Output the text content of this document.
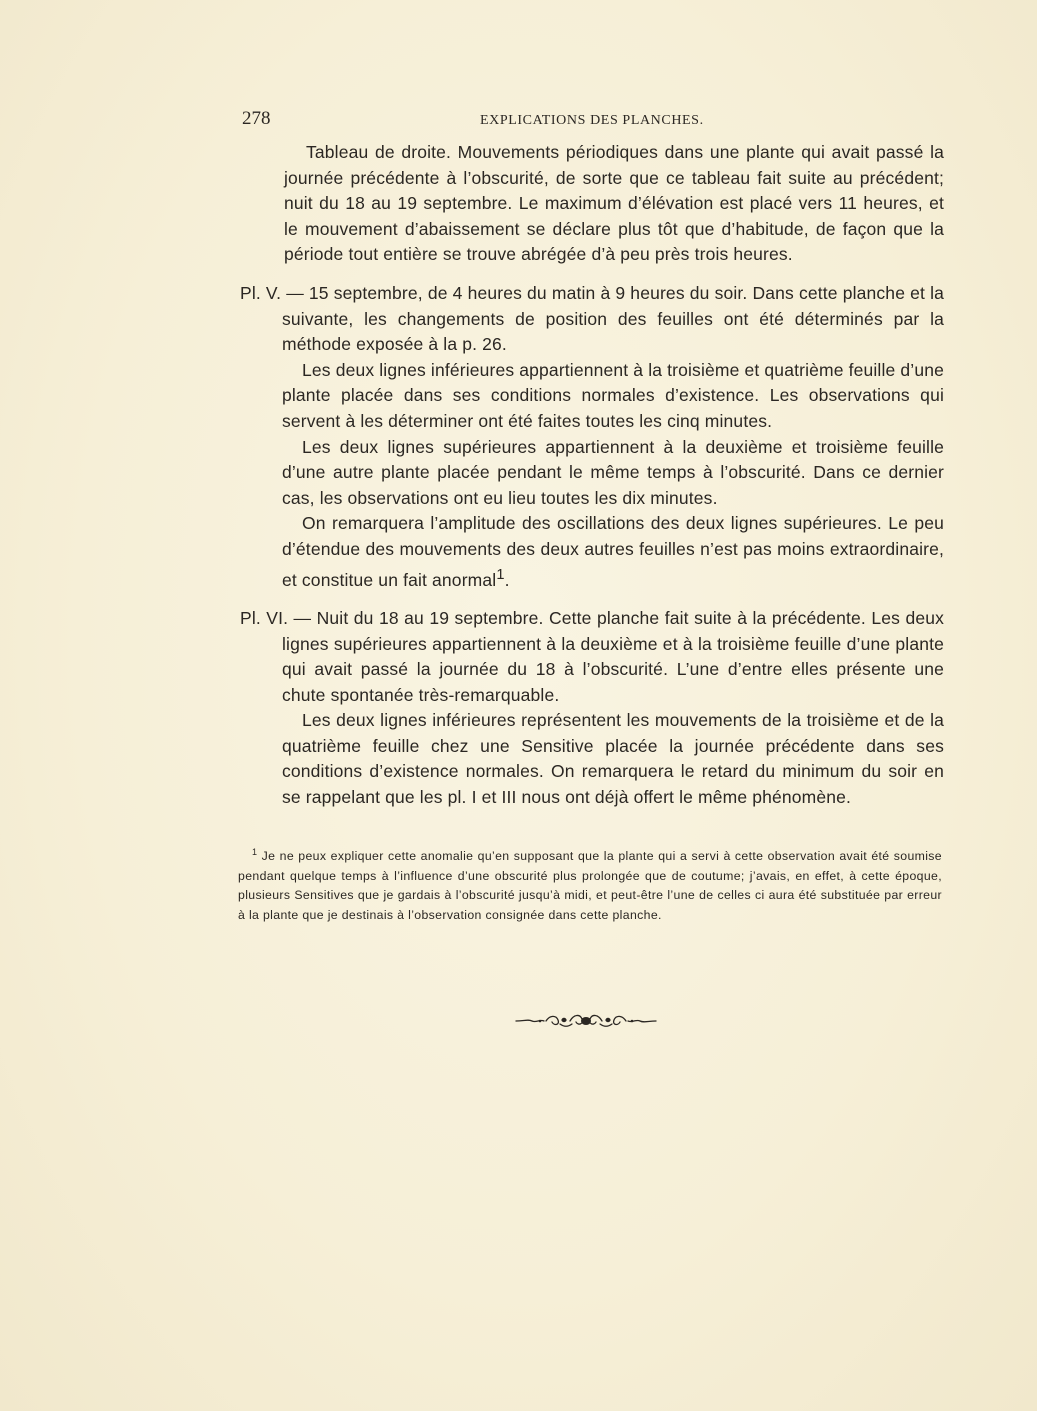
278	EXPLICATIONS DES PLANCHES.

Tableau de droite. Mouvements périodiques dans une plante qui avait passé la journée précédente à l’obscurité, de sorte que ce tableau fait suite au précédent; nuit du 18 au 19 septembre. Le maximum d’élévation est placé vers 11 heures, et le mouvement d’abaissement se déclare plus tôt que d’habitude, de façon que la période tout entière se trouve abrégée d’à peu près trois heures.

Pl. V. — 15 septembre, de 4 heures du matin à 9 heures du soir. Dans cette planche et la suivante, les changements de position des feuilles ont été déterminés par la méthode exposée à la p. 26.

Les deux lignes inférieures appartiennent à la troisième et quatrième feuille d’une plante placée dans ses conditions normales d’existence. Les observations qui servent à les déterminer ont été faites toutes les cinq minutes.

Les deux lignes supérieures appartiennent à la deuxième et troisième feuille d’une autre plante placée pendant le même temps à l’obscurité. Dans ce dernier cas, les observations ont eu lieu toutes les dix minutes.

On remarquera l’amplitude des oscillations des deux lignes supérieures. Le peu d’étendue des mouvements des deux autres feuilles n’est pas moins extraordinaire, et constitue un fait anormal$^1$.

Pl. VI. — Nuit du 18 au 19 septembre. Cette planche fait suite à la précédente. Les deux lignes supérieures appartiennent à la deuxième et à la troisième feuille d’une plante qui avait passé la journée du 18 à l’obscurité. L’une d’entre elles présente une chute spontanée très-remarquable.

Les deux lignes inférieures représentent les mouvements de la troisième et de la quatrième feuille chez une Sensitive placée la journée précédente dans ses conditions d’existence normales. On remarquera le retard du minimum du soir en se rappelant que les pl. I et III nous ont déjà offert le même phénomène.

$^1$ Je ne peux expliquer cette anomalie qu’en supposant que la plante qui a servi à cette observation avait été soumise pendant quelque temps à l’influence d’une obscurité plus prolongée que de coutume; j’avais, en effet, à cette époque, plusieurs Sensitives que je gardais à l’obscurité jusqu’à midi, et peut-être l’une de celles ci aura été substituée par erreur à la plante que je destinais à l’observation consignée dans cette planche.
